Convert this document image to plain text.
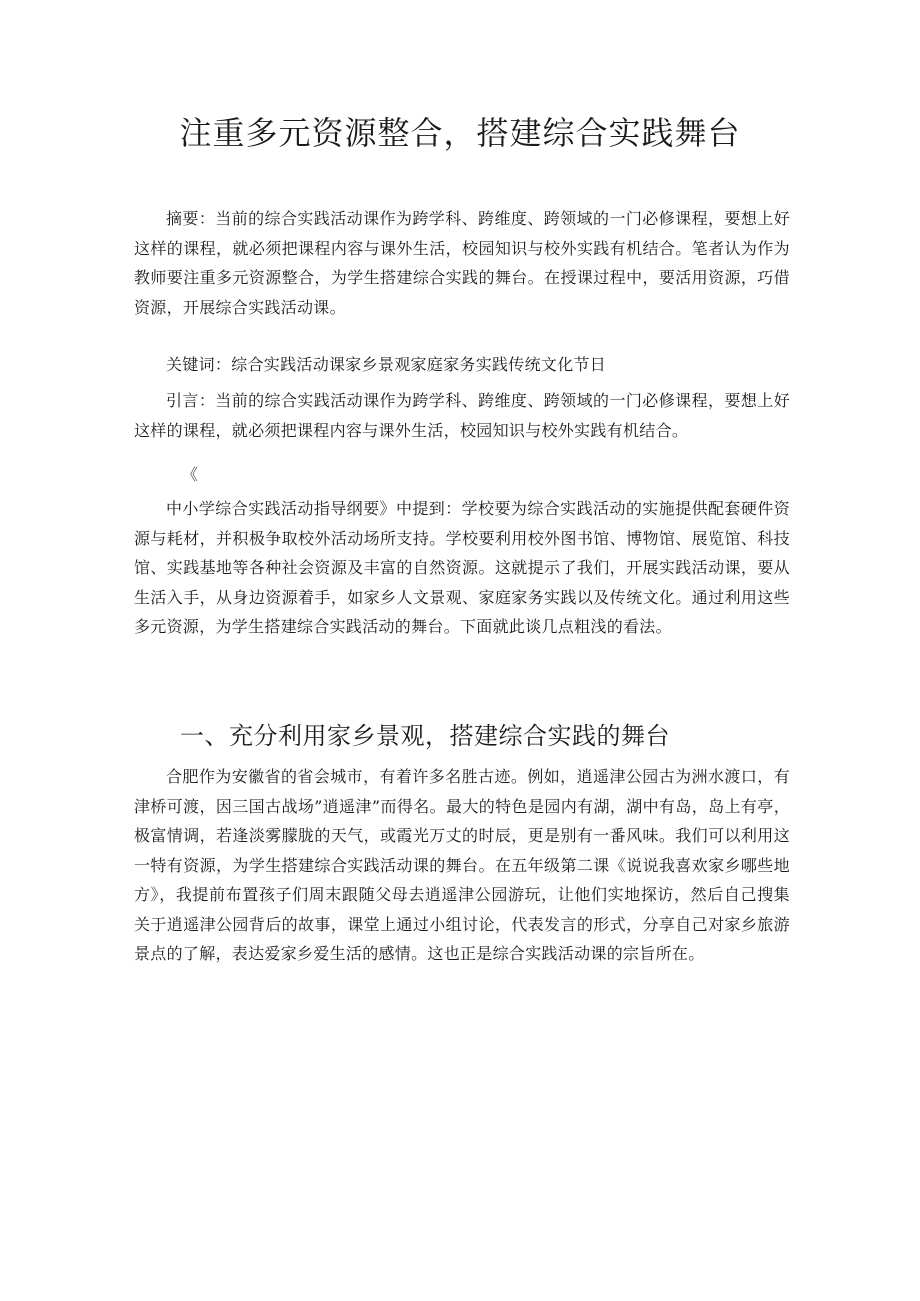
注重多元资源整合，搭建综合实践舞台

摘要：当前的综合实践活动课作为跨学科、跨维度、跨领域的一门必修课程，要想上好这样的课程，就必须把课程内容与课外生活，校园知识与校外实践有机结合。笔者认为作为教师要注重多元资源整合，为学生搭建综合实践的舞台。在授课过程中，要活用资源，巧借资源，开展综合实践活动课。

关键词：综合实践活动课家乡景观家庭家务实践传统文化节日

引言：当前的综合实践活动课作为跨学科、跨维度、跨领域的一门必修课程，要想上好这样的课程，就必须把课程内容与课外生活，校园知识与校外实践有机结合。

《

中小学综合实践活动指导纲要》中提到：学校要为综合实践活动的实施提供配套硬件资源与耗材，并积极争取校外活动场所支持。学校要利用校外图书馆、博物馆、展览馆、科技馆、实践基地等各种社会资源及丰富的自然资源。这就提示了我们，开展实践活动课，要从生活入手，从身边资源着手，如家乡人文景观、家庭家务实践以及传统文化。通过利用这些多元资源，为学生搭建综合实践活动的舞台。下面就此谈几点粗浅的看法。

一、充分利用家乡景观，搭建综合实践的舞台

合肥作为安徽省的省会城市，有着许多名胜古迹。例如，逍遥津公园古为洲水渡口，有津桥可渡，因三国古战场”逍遥津”而得名。最大的特色是园内有湖，湖中有岛，岛上有亭，极富情调，若逢淡雾朦胧的天气，或霞光万丈的时辰，更是别有一番风味。我们可以利用这一特有资源，为学生搭建综合实践活动课的舞台。在五年级第二课《说说我喜欢家乡哪些地方》，我提前布置孩子们周末跟随父母去逍遥津公园游玩，让他们实地探访，然后自己搜集关于逍遥津公园背后的故事，课堂上通过小组讨论，代表发言的形式，分享自己对家乡旅游景点的了解，表达爱家乡爱生活的感情。这也正是综合实践活动课的宗旨所在。
